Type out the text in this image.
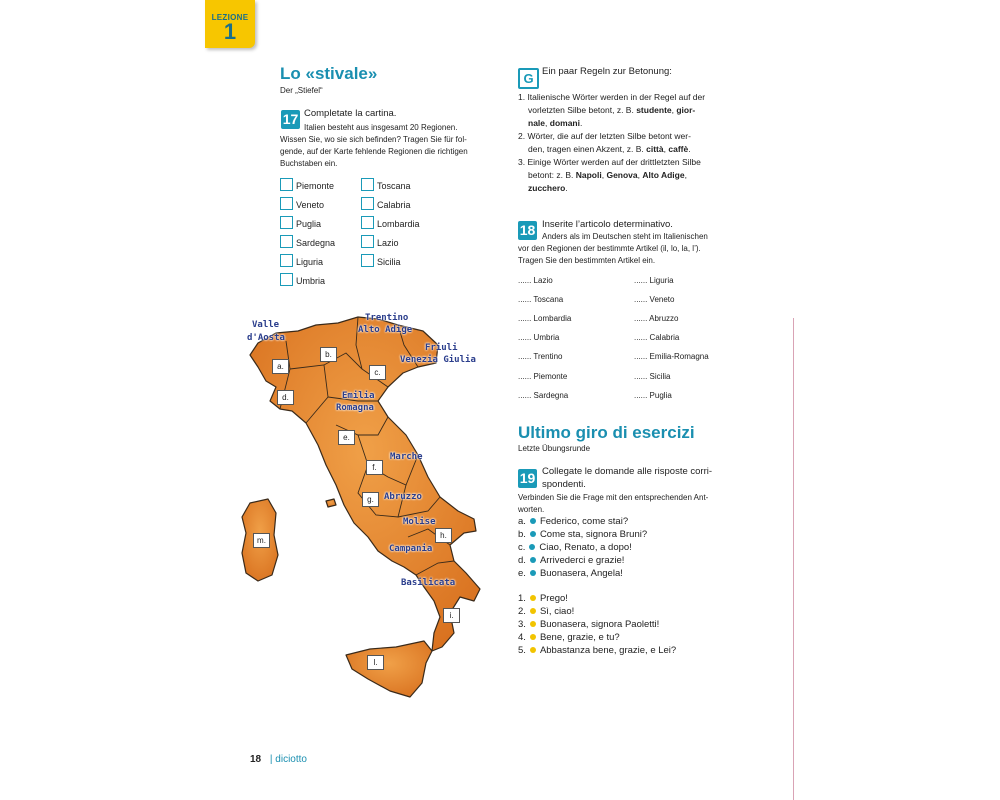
LEZIONE
1
Lo «stivale»
Der „Stiefel“
17 Completate la cartina.
Italien besteht aus insgesamt 20 Regionen.
Wissen Sie, wo sie sich befinden? Tragen Sie für fol-
gende, auf der Karte fehlende Regionen die richtigen
Buchstaben ein.
Piemonte
Veneto
Puglia
Sardegna
Liguria
Umbria
Toscana
Calabria
Lombardia
Lazio
Sicilia
Valle
d'Aosta
Trentino
Alto Adige
Friuli
Venezia Giulia
Emilia
Romagna
Marche
Abruzzo
Molise
Campania
Basilicata
a.
b.
c.
d.
e.
f.
g.
h.
i.
l.
m.
G Ein paar Regeln zur Betonung:
1. Italienische Wörter werden in der Regel auf der
vorletzten Silbe betont, z. B. studente, gior-
nale, domani.
2. Wörter, die auf der letzten Silbe betont wer-
den, tragen einen Akzent, z. B. città, caffè.
3. Einige Wörter werden auf der drittletzten Silbe
betont: z. B. Napoli, Genova, Alto Adige,
zucchero.
18 Inserite l’articolo determinativo.
Anders als im Deutschen steht im Italienischen
vor den Regionen der bestimmte Artikel (il, lo, la, l’).
Tragen Sie den bestimmten Artikel ein.
...... Lazio
...... Toscana
...... Lombardia
...... Umbria
...... Trentino
...... Piemonte
...... Sardegna
...... Liguria
...... Veneto
...... Abruzzo
...... Calabria
...... Emilia-Romagna
...... Sicilia
...... Puglia
Ultimo giro di esercizi
Letzte Übungsrunde
19 Collegate le domande alle risposte corri-
spondenti.
Verbinden Sie die Frage mit den entsprechenden Ant-
worten.
a. Federico, come stai?
b. Come sta, signora Bruni?
c. Ciao, Renato, a dopo!
d. Arrivederci e grazie!
e. Buonasera, Angela!
1. Prego!
2. Sì, ciao!
3. Buonasera, signora Paoletti!
4. Bene, grazie, e tu?
5. Abbastanza bene, grazie, e Lei?
18 | diciotto
